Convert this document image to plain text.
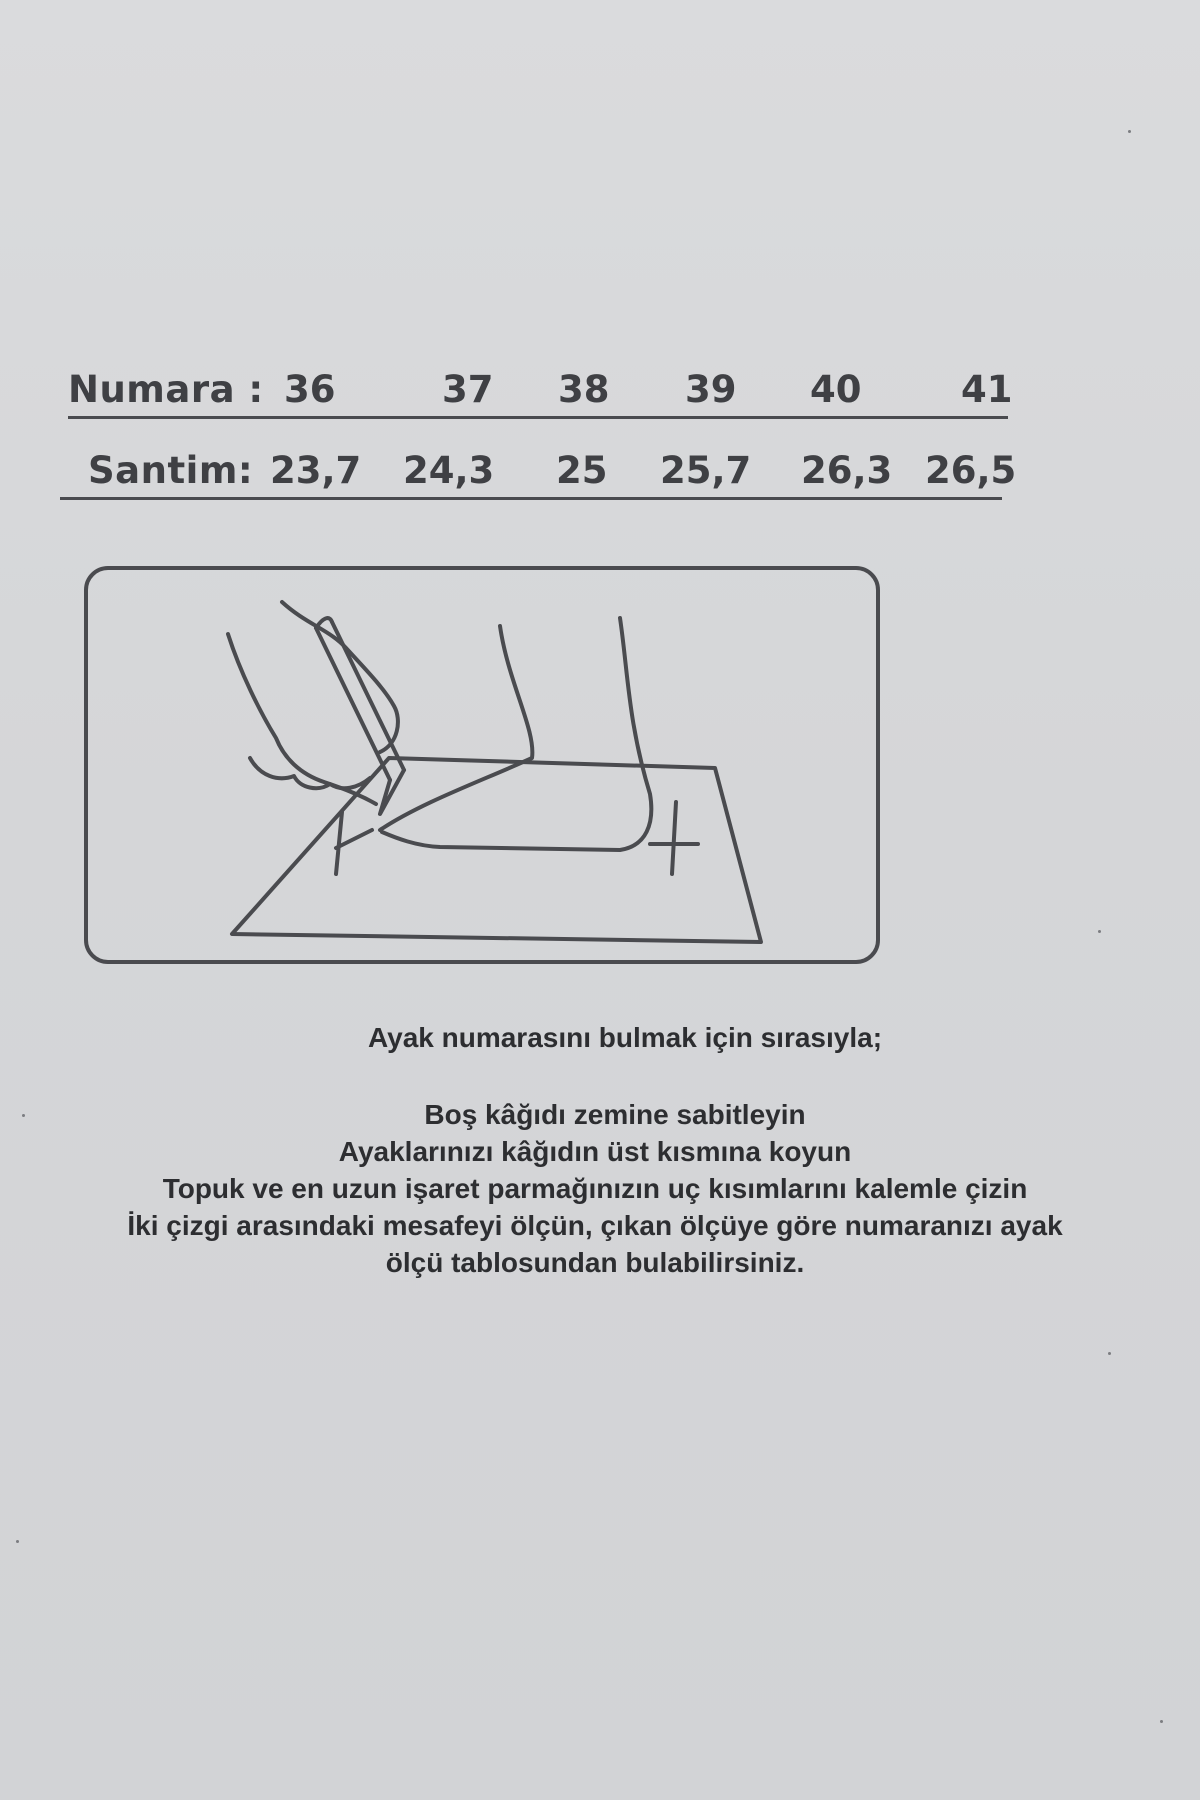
Numara : 36	37 38 39 40	41
Santim: 23,7 24,3 25 25,7 26,3 26,5

Ayak numarasını bulmak için sırasıyla;

Boş kâğıdı zemine sabitleyin

Ayaklarınızı kâğıdın üst kısmına koyun

Topuk ve en uzun işaret parmağınızın uç kısımlarını kalemle çizin

İki çizgi arasındaki mesafeyi ölçün, çıkan ölçüye göre numaranızı ayak

ölçü tablosundan bulabilirsiniz.
